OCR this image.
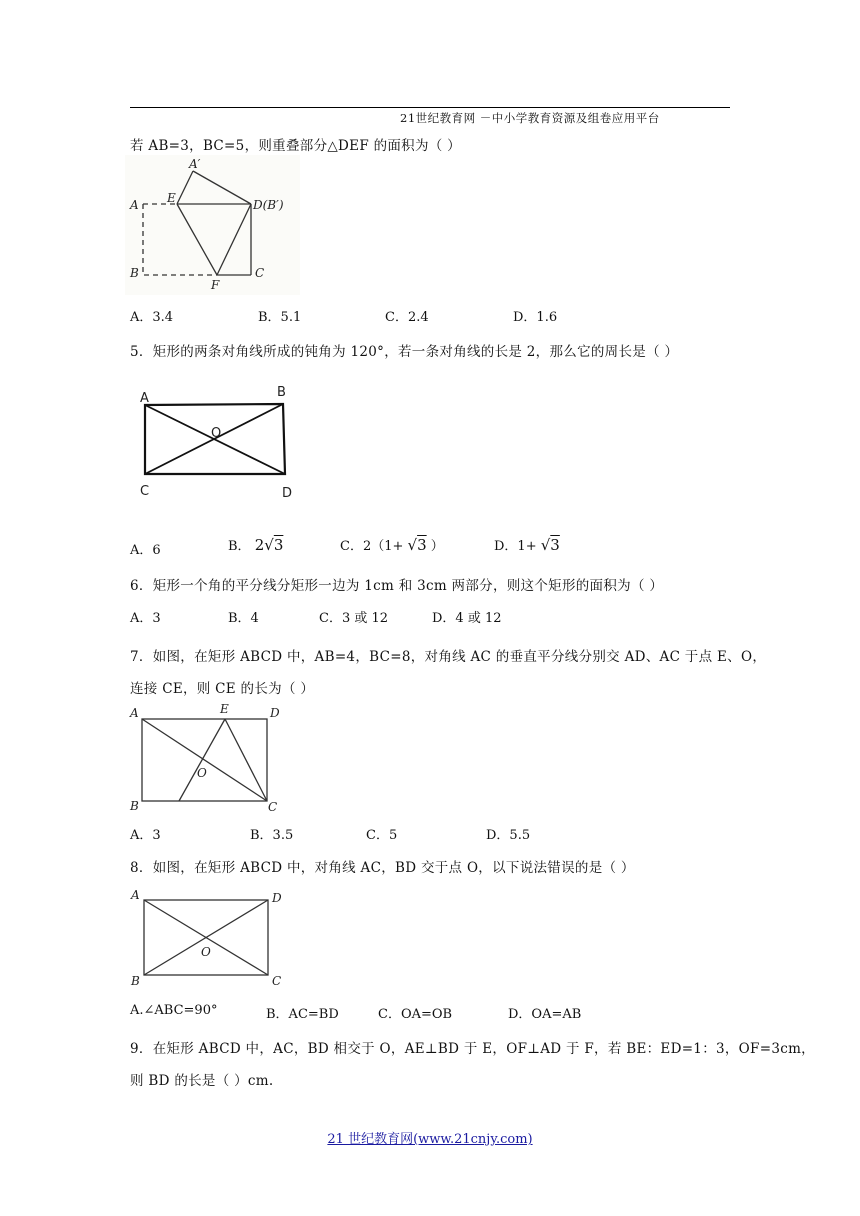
21世纪教育网 －中小学教育资源及组卷应用平台
若 AB=3，BC=5，则重叠部分△DEF 的面积为（ ）
A′
A E	D(B′)
B
F
C
A．3.4	B．5.1	C．2.4	D．1.6
5．矩形的两条对角线所成的钝角为 120°，若一条对角线的长是 2，那么它的周长是（ ）
A	B
O
C	D
A．6	B． 2√3	C．2（1+ √3 ）	D．1+ √3
6．矩形一个角的平分线分矩形一边为 1cm 和 3cm 两部分，则这个矩形的面积为（ ）
A．3	B．4	C．3 或 12	D．4 或 12
7．如图，在矩形 ABCD 中，AB=4，BC=8，对角线 AC 的垂直平分线分别交 AD、AC 于点 E、O，
连接 CE，则 CE 的长为（ ）
A	E	D
O
B	C
A．3	B．3.5	C．5	D．5.5
8．如图，在矩形 ABCD 中，对角线 AC，BD 交于点 O，以下说法错误的是（ ）
A	D
O
B	C
A.∠ABC=90°	B．AC=BD	C．OA=OB	D．OA=AB
9．在矩形 ABCD 中，AC，BD 相交于 O，AE⊥BD 于 E，OF⊥AD 于 F，若 BE：ED=1：3，OF=3cm，
则 BD 的长是（ ）cm.
21 世纪教育网(www.21cnjy.com)
